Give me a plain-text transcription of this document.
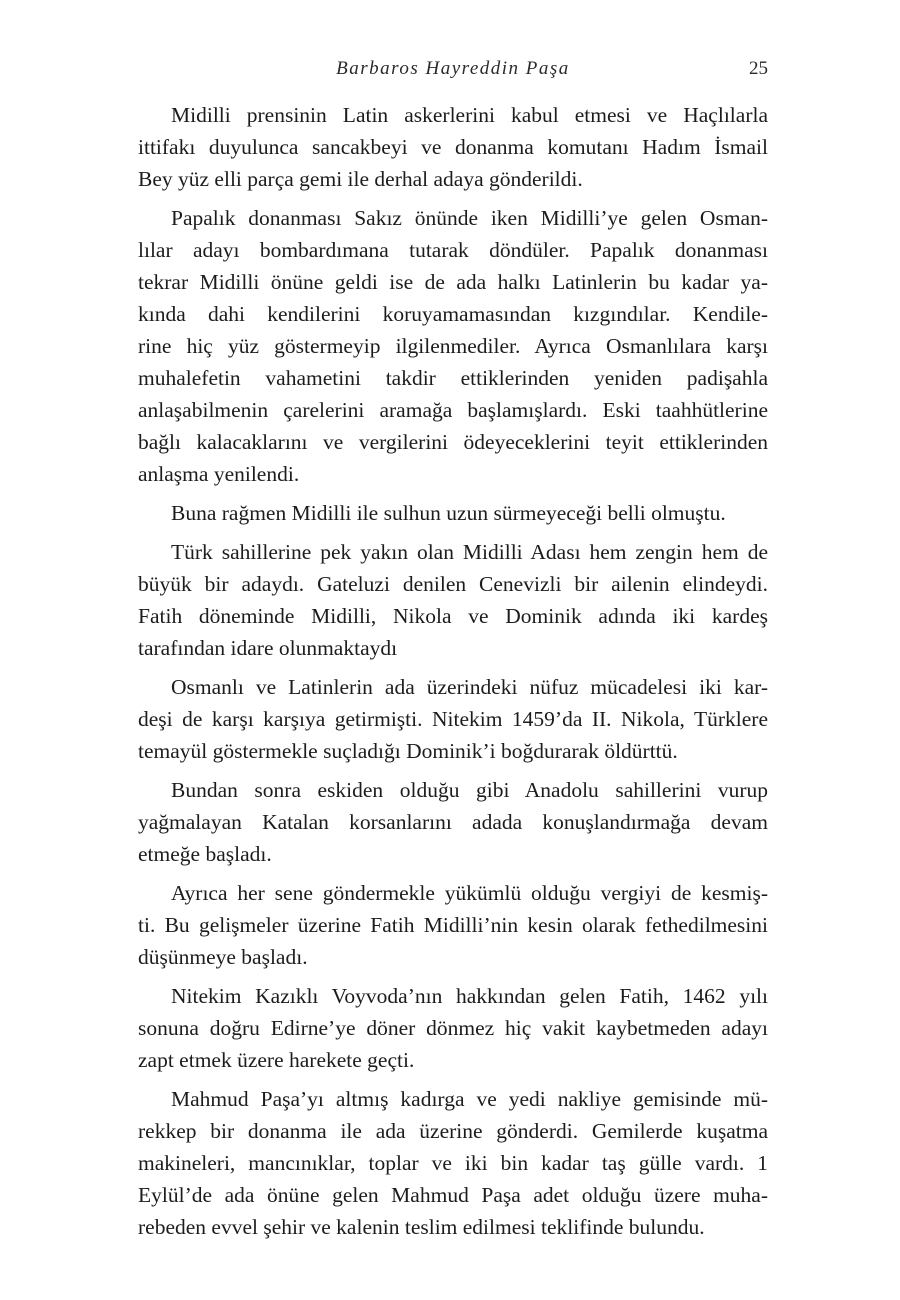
Barbaros Hayreddin Paşa	25

Midilli prensinin Latin askerlerini kabul etmesi ve Haçlılarla
ittifakı duyulunca sancakbeyi ve donanma komutanı Hadım İsmail
Bey yüz elli parça gemi ile derhal adaya gönderildi.

Papalık donanması Sakız önünde iken Midilli’ye gelen Osman-
lılar adayı bombardımana tutarak döndüler. Papalık donanması
tekrar Midilli önüne geldi ise de ada halkı Latinlerin bu kadar ya-
kında dahi kendilerini koruyamamasından kızgındılar. Kendile-
rine hiç yüz göstermeyip ilgilenmediler. Ayrıca Osmanlılara karşı
muhalefetin vahametini takdir ettiklerinden yeniden padişahla
anlaşabilmenin çarelerini aramağa başlamışlardı. Eski taahhütlerine
bağlı kalacaklarını ve vergilerini ödeyeceklerini teyit ettiklerinden
anlaşma yenilendi.

Buna rağmen Midilli ile sulhun uzun sürmeyeceği belli olmuştu.

Türk sahillerine pek yakın olan Midilli Adası hem zengin hem de
büyük bir adaydı. Gateluzi denilen Cenevizli bir ailenin elindeydi.
Fatih döneminde Midilli, Nikola ve Dominik adında iki kardeş
tarafından idare olunmaktaydı

Osmanlı ve Latinlerin ada üzerindeki nüfuz mücadelesi iki kar-
deşi de karşı karşıya getirmişti. Nitekim 1459’da II. Nikola, Türklere
temayül göstermekle suçladığı Dominik’i boğdurarak öldürttü.

Bundan sonra eskiden olduğu gibi Anadolu sahillerini vurup
yağmalayan Katalan korsanlarını adada konuşlandırmağa devam
etmeğe başladı.

Ayrıca her sene göndermekle yükümlü olduğu vergiyi de kesmiş-
ti. Bu gelişmeler üzerine Fatih Midilli’nin kesin olarak fethedilmesini
düşünmeye başladı.

Nitekim Kazıklı Voyvoda’nın hakkından gelen Fatih, 1462 yılı
sonuna doğru Edirne’ye döner dönmez hiç vakit kaybetmeden adayı
zapt etmek üzere harekete geçti.

Mahmud Paşa’yı altmış kadırga ve yedi nakliye gemisinde mü-
rekkep bir donanma ile ada üzerine gönderdi. Gemilerde kuşatma
makineleri, mancınıklar, toplar ve iki bin kadar taş gülle vardı. 1
Eylül’de ada önüne gelen Mahmud Paşa adet olduğu üzere muha-
rebeden evvel şehir ve kalenin teslim edilmesi teklifinde bulundu.
